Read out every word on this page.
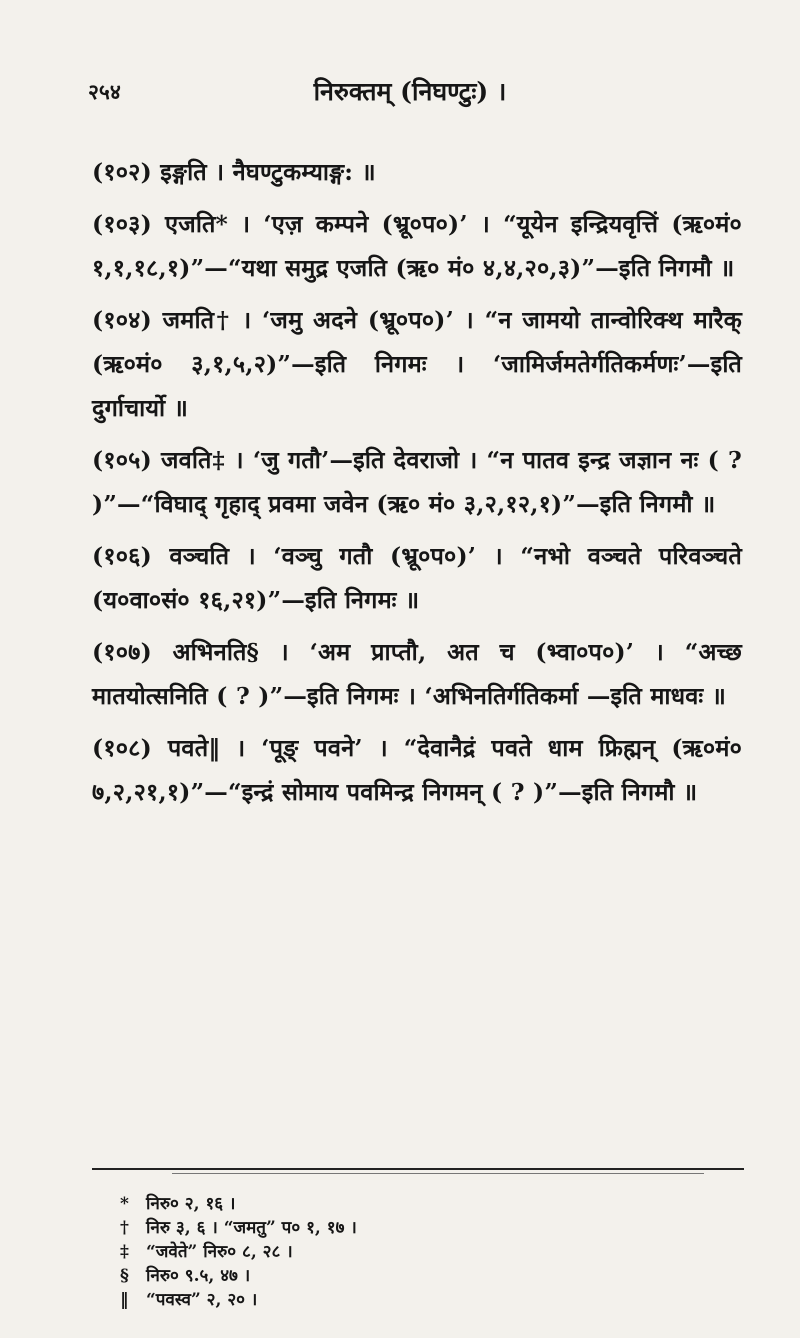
२५४	निरुक्तम् (निघण्टुः) ।

(१०२) इङ्गति । नैघण्टुकम्याङ्ग: ॥

(१०३) एजति* । ‘एज़ कम्पने (भ्रू०प०)’ । “यूयेन इन्द्रियवृत्तिं (ऋ०मं० १,१,१८,१)”—“यथा समुद्र एजति (ऋ० मं० ४,४,२०,३)”—इति निगमौ ॥

(१०४) जमति† । ‘जमु अदने (भ्रू०प०)’ । “न जामयो तान्वोरिक्थ मारैक् (ऋ०मं० ३,१,५,२)”—इति निगमः । ‘जामिर्जमतेर्गतिकर्मणः’—इति दुर्गाचार्यो ॥

(१०५) जवति‡ । ‘जु गतौ’—इति देवराजो । “न पातव इन्द्र जज्ञान नः ( ? )”—“विघाद् गृहाद् प्रवमा जवेन (ऋ० मं० ३,२,१२,१)”—इति निगमौ ॥

(१०६) वञ्चति । ‘वञ्चु गतौ (भ्रू०प०)’ । “नभो वञ्चते परिवञ्चते (य०वा०सं० १६,२१)”—इति निगमः ॥

(१०७) अभिनति§ । ‘अम प्राप्तौ, अत च (भ्वा०प०)’ । “अच्छ मातयोत्सनिति ( ? )”—इति निगमः । ‘अभिनतिर्गतिकर्मा —इति माधवः ॥

(१०८) पवते‖ । ‘पूङ् पवने’ । “देवानैद्रं पवते धाम फ्रिह्मन् (ऋ०मं० ७,२,२१,१)”—“इन्द्रं सोमाय पवमिन्द्र निगमन् ( ? )”—इति निगमौ ॥

* निरु० २, १६ ।
† निरु ३, ६ । “जमतु” प० १, १७ ।
‡ “जवेते” निरु० ८, २८ ।
§ निरु० ९.५, ४७ ।
‖ “पवस्व” २, २० ।
